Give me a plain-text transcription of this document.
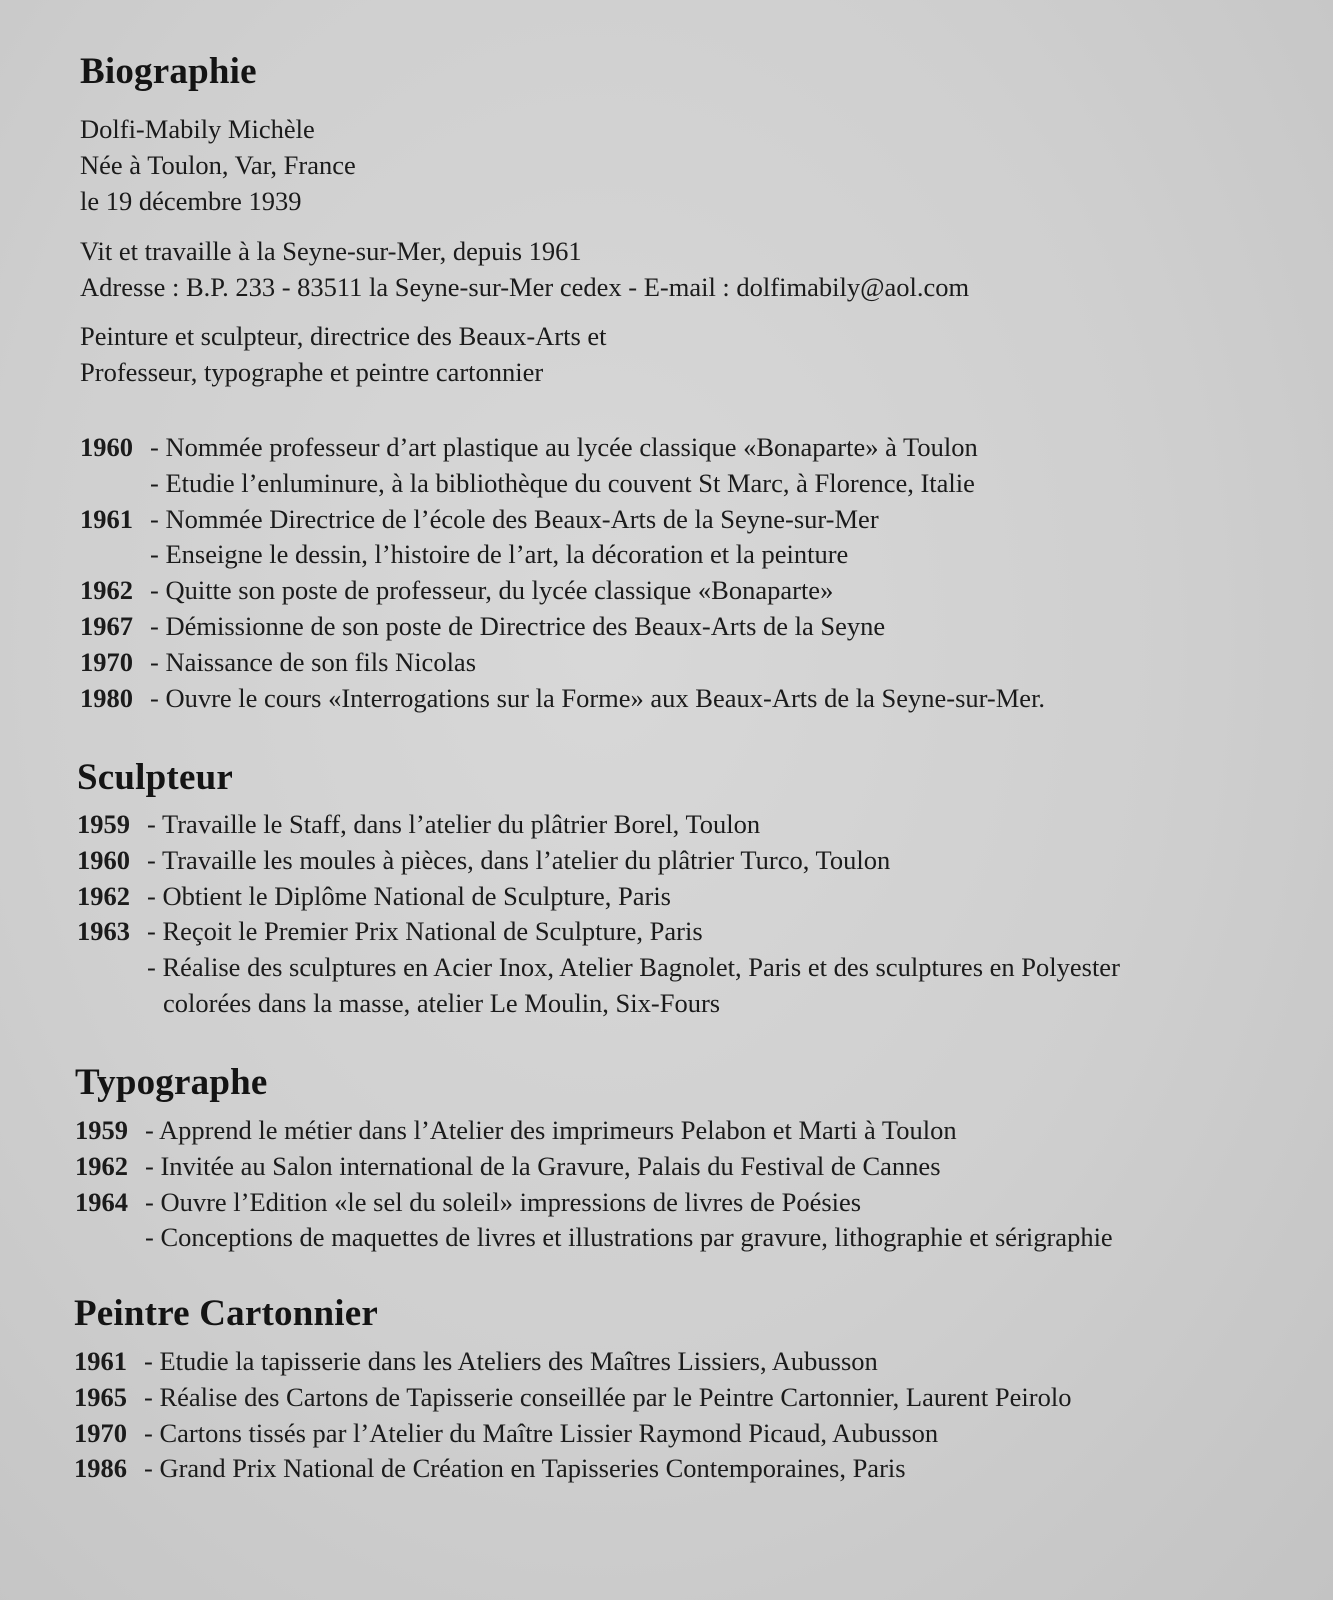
Biographie
Dolfi-Mabily Michèle
Née à Toulon, Var, France
le 19 décembre 1939
Vit et travaille à la Seyne-sur-Mer, depuis 1961
Adresse : B.P. 233 - 83511 la Seyne-sur-Mer cedex - E-mail : dolfimabily@aol.com
Peinture et sculpteur, directrice des Beaux-Arts et
Professeur, typographe et peintre cartonnier
1960 - Nommée professeur d’art plastique au lycée classique «Bonaparte» à Toulon
- Etudie l’enluminure, à la bibliothèque du couvent St Marc, à Florence, Italie
1961 - Nommée Directrice de l’école des Beaux-Arts de la Seyne-sur-Mer
- Enseigne le dessin, l’histoire de l’art, la décoration et la peinture
1962 - Quitte son poste de professeur, du lycée classique «Bonaparte»
1967 - Démissionne de son poste de Directrice des Beaux-Arts de la Seyne
1970 - Naissance de son fils Nicolas
1980 - Ouvre le cours «Interrogations sur la Forme» aux Beaux-Arts de la Seyne-sur-Mer.
Sculpteur
1959 - Travaille le Staff, dans l’atelier du plâtrier Borel, Toulon
1960 - Travaille les moules à pièces, dans l’atelier du plâtrier Turco, Toulon
1962 - Obtient le Diplôme National de Sculpture, Paris
1963 - Reçoit le Premier Prix National de Sculpture, Paris
- Réalise des sculptures en Acier Inox, Atelier Bagnolet, Paris et des sculptures en Polyester
colorées dans la masse, atelier Le Moulin, Six-Fours
Typographe
1959 - Apprend le métier dans l’Atelier des imprimeurs Pelabon et Marti à Toulon
1962 - Invitée au Salon international de la Gravure, Palais du Festival de Cannes
1964 - Ouvre l’Edition «le sel du soleil» impressions de livres de Poésies
- Conceptions de maquettes de livres et illustrations par gravure, lithographie et sérigraphie
Peintre Cartonnier
1961 - Etudie la tapisserie dans les Ateliers des Maîtres Lissiers, Aubusson
1965 - Réalise des Cartons de Tapisserie conseillée par le Peintre Cartonnier, Laurent Peirolo
1970 - Cartons tissés par l’Atelier du Maître Lissier Raymond Picaud, Aubusson
1986 - Grand Prix National de Création en Tapisseries Contemporaines, Paris
